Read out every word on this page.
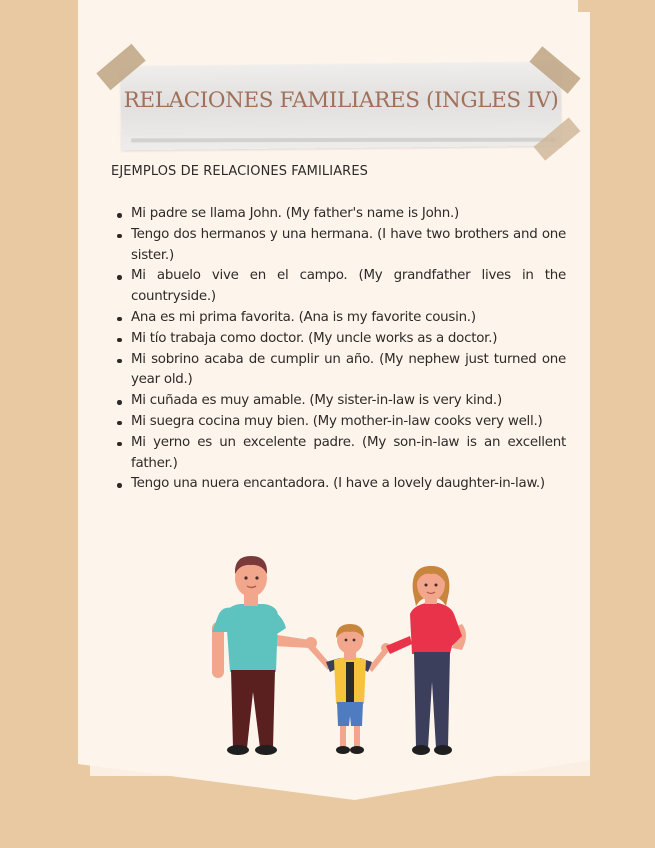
RELACIONES FAMILIARES (INGLES IV)
EJEMPLOS DE RELACIONES FAMILIARES
Mi padre se llama John. (My father's name is John.)
Tengo dos hermanos y una hermana. (I have two brothers and one sister.)
Mi abuelo vive en el campo. (My grandfather lives in the countryside.)
Ana es mi prima favorita. (Ana is my favorite cousin.)
Mi tío trabaja como doctor. (My uncle works as a doctor.)
Mi sobrino acaba de cumplir un año. (My nephew just turned one year old.)
Mi cuñada es muy amable. (My sister-in-law is very kind.)
Mi suegra cocina muy bien. (My mother-in-law cooks very well.)
Mi yerno es un excelente padre. (My son-in-law is an excellent father.)
Tengo una nuera encantadora. (I have a lovely daughter-in-law.)
